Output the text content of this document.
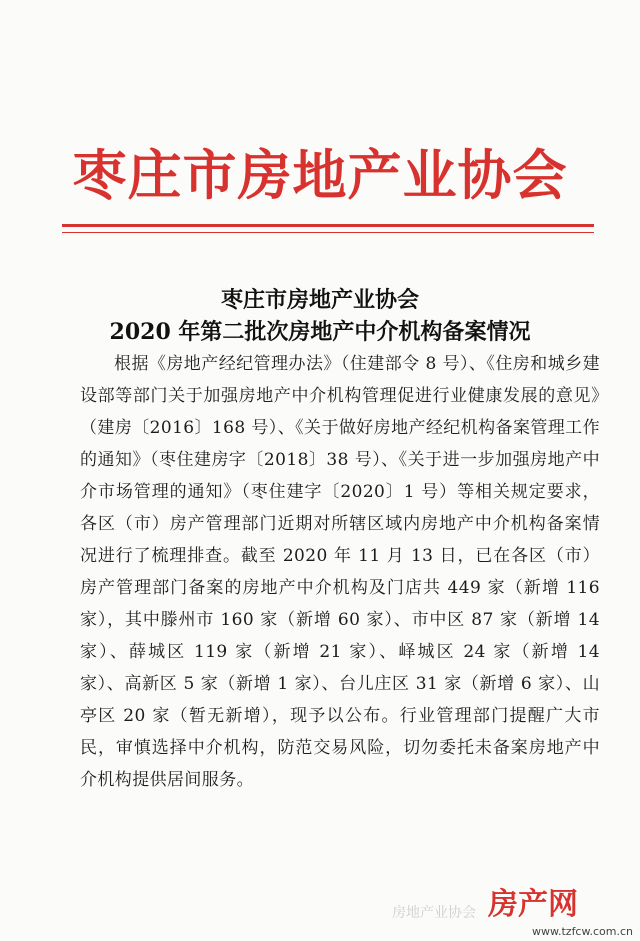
枣庄市房地产业协会
枣庄市房地产业协会
2020 年第二批次房地产中介机构备案情况

根据《房地产经纪管理办法》（住建部令 8 号）、《住房和城乡建设部等部门关于加强房地产中介机构管理促进行业健康发展的意见》（建房〔2016〕168 号）、《关于做好房地产经纪机构备案管理工作的通知》（枣住建房字〔2018〕38 号）、《关于进一步加强房地产中介市场管理的通知》（枣住建字〔2020〕1 号）等相关规定要求，各区（市）房产管理部门近期对所辖区域内房地产中介机构备案情况进行了梳理排查。截至 2020 年 11 月 13 日，已在各区（市）房产管理部门备案的房地产中介机构及门店共 449 家（新增 116 家），其中滕州市 160 家（新增 60 家）、市中区 87 家（新增 14 家）、薛城区 119 家（新增 21 家）、峄城区 24 家（新增 14 家）、高新区 5 家（新增 1 家）、台儿庄区 31 家（新增 6 家）、山亭区 20 家（暂无新增），现予以公布。行业管理部门提醒广大市民，审慎选择中介机构，防范交易风险，切勿委托未备案房地产中介机构提供居间服务。

房地产业协会 房产网
www.tzfcw.com.cn
